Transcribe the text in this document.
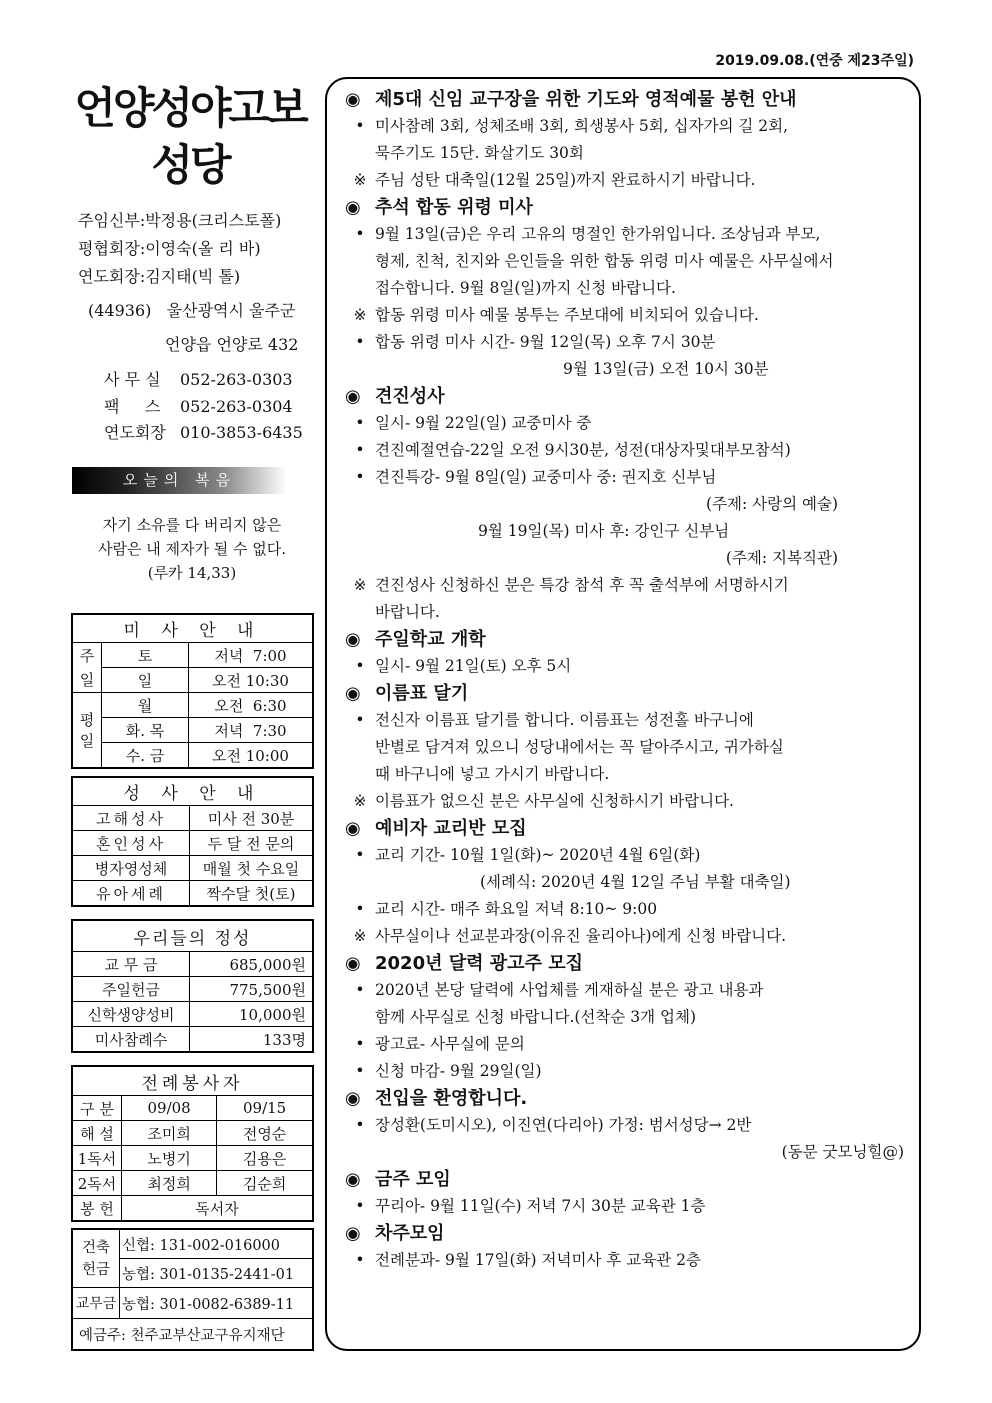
2019.09.08.(연중 제23주일)
언양성야고보
성당
주임신부:박정용(크리스토폴)
평협회장:이영숙(올 리 바)
연도회장:김지태(빅 톨)
(44936) 울산광역시 울주군
언양읍 언양로 432
사 무 실 052-263-0303
팩     스 052-263-0304
연도회장 010-3853-6435
오늘의 복음
자기 소유를 다 버리지 않은
사람은 내 제자가 될 수 없다.
(루카 14,33)
미 사 안 내		
주일	토	저녁  7:00
	일	오전 10:30
평일	월	오전  6:30
	화. 목	저녁  7:30
	수. 금	오전 10:00
성 사 안 내	
고해성사	미사 전 30분
혼인성사	두 달 전 문의
병자영성체	매월 첫 수요일
유아세례	짝수달 첫(토)
우리들의 정성	
교 무 금	685,000원
주일헌금	775,500원
신학생양성비	10,000원
미사참례수	133명
전례봉사자		
구 분	09/08	09/15
해 설	조미희	전영순
1독서	노병기	김용은
2독서	최정희	김순희
봉 헌	독서자	
건축헌금	신협: 131-002-016000
	농협: 301-0135-2441-01
교무금	농협: 301-0082-6389-11
예금주: 천주교부산교구유지재단	
◉ 제5대 신임 교구장을 위한 기도와 영적예물 봉헌 안내
• 미사참례 3회, 성체조배 3회, 희생봉사 5회, 십자가의 길 2회,
묵주기도 15단. 화살기도 30회
※ 주님 성탄 대축일(12월 25일)까지 완료하시기 바랍니다.
◉ 추석 합동 위령 미사
• 9월 13일(금)은 우리 고유의 명절인 한가위입니다. 조상님과 부모,
형제, 친척, 친지와 은인들을 위한 합동 위령 미사 예물은 사무실에서
접수합니다. 9월 8일(일)까지 신청 바랍니다.
※ 합동 위령 미사 예물 봉투는 주보대에 비치되어 있습니다.
• 합동 위령 미사 시간- 9월 12일(목) 오후 7시 30분
9월 13일(금) 오전 10시 30분
◉ 견진성사
• 일시- 9월 22일(일) 교중미사 중
• 견진예절연습-22일 오전 9시30분, 성전(대상자및대부모참석)
• 견진특강- 9월 8일(일) 교중미사 중: 권지호 신부님
(주제: 사랑의 예술)
9월 19일(목) 미사 후: 강인구 신부님
(주제: 지복직관)
※ 견진성사 신청하신 분은 특강 참석 후 꼭 출석부에 서명하시기
바랍니다.
◉ 주일학교 개학
• 일시- 9월 21일(토) 오후 5시
◉ 이름표 달기
• 전신자 이름표 달기를 합니다. 이름표는 성전홀 바구니에
반별로 담겨져 있으니 성당내에서는 꼭 달아주시고, 귀가하실
때 바구니에 넣고 가시기 바랍니다.
※ 이름표가 없으신 분은 사무실에 신청하시기 바랍니다.
◉ 예비자 교리반 모집
• 교리 기간- 10월 1일(화)~ 2020년 4월 6일(화)
(세례식: 2020년 4월 12일 주님 부활 대축일)
• 교리 시간- 매주 화요일 저녁 8:10~ 9:00
※ 사무실이나 선교분과장(이유진 율리아나)에게 신청 바랍니다.
◉ 2020년 달력 광고주 모집
• 2020년 본당 달력에 사업체를 게재하실 분은 광고 내용과
함께 사무실로 신청 바랍니다.(선착순 3개 업체)
• 광고료- 사무실에 문의
• 신청 마감- 9월 29일(일)
◉ 전입을 환영합니다.
• 장성환(도미시오), 이진연(다리아) 가정: 범서성당→ 2반
(동문 굿모닝힐@)
◉ 금주 모임
• 꾸리아- 9월 11일(수) 저녁 7시 30분 교육관 1층
◉ 차주모임
• 전례분과- 9월 17일(화) 저녁미사 후 교육관 2층
